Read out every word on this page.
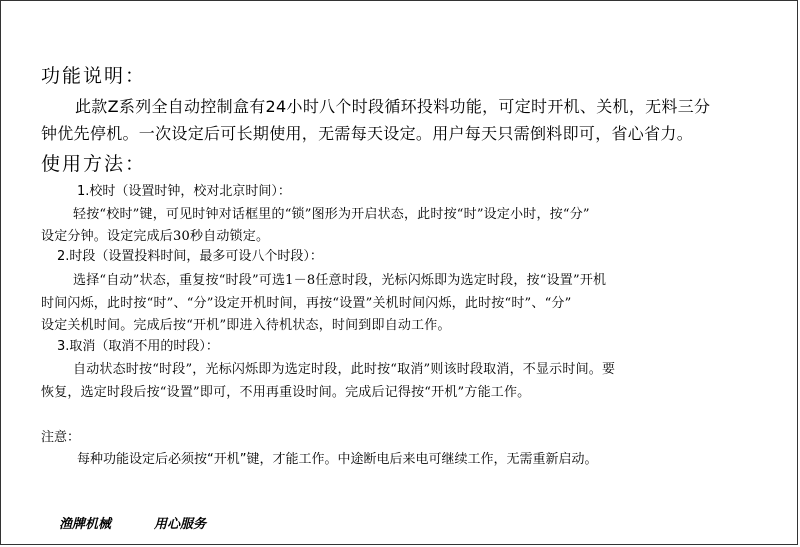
功能说明：

此款Z系列全自动控制盒有24小时八个时段循环投料功能，可定时开机、关机，无料三分

钟优先停机。一次设定后可长期使用，无需每天设定。用户每天只需倒料即可，省心省力。

使用方法：

1.校时（设置时钟，校对北京时间）：

轻按“校时”键，可见时钟对话框里的“锁”图形为开启状态，此时按“时”设定小时，按“分”

设定分钟。设定完成后30秒自动锁定。

2.时段（设置投料时间，最多可设八个时段）：

选择“自动”状态，重复按“时段”可选1－8任意时段，光标闪烁即为选定时段，按“设置”开机

时间闪烁，此时按“时”、“分”设定开机时间，再按“设置”关机时间闪烁，此时按“时”、“分”

设定关机时间。完成后按“开机”即进入待机状态，时间到即自动工作。

3.取消（取消不用的时段）：

自动状态时按“时段”，光标闪烁即为选定时段，此时按“取消”则该时段取消，不显示时间。要

恢复，选定时段后按“设置”即可，不用再重设时间。完成后记得按“开机”方能工作。

注意：

每种功能设定后必须按“开机”键，才能工作。中途断电后来电可继续工作，无需重新启动。

渔牌机械	用心服务
